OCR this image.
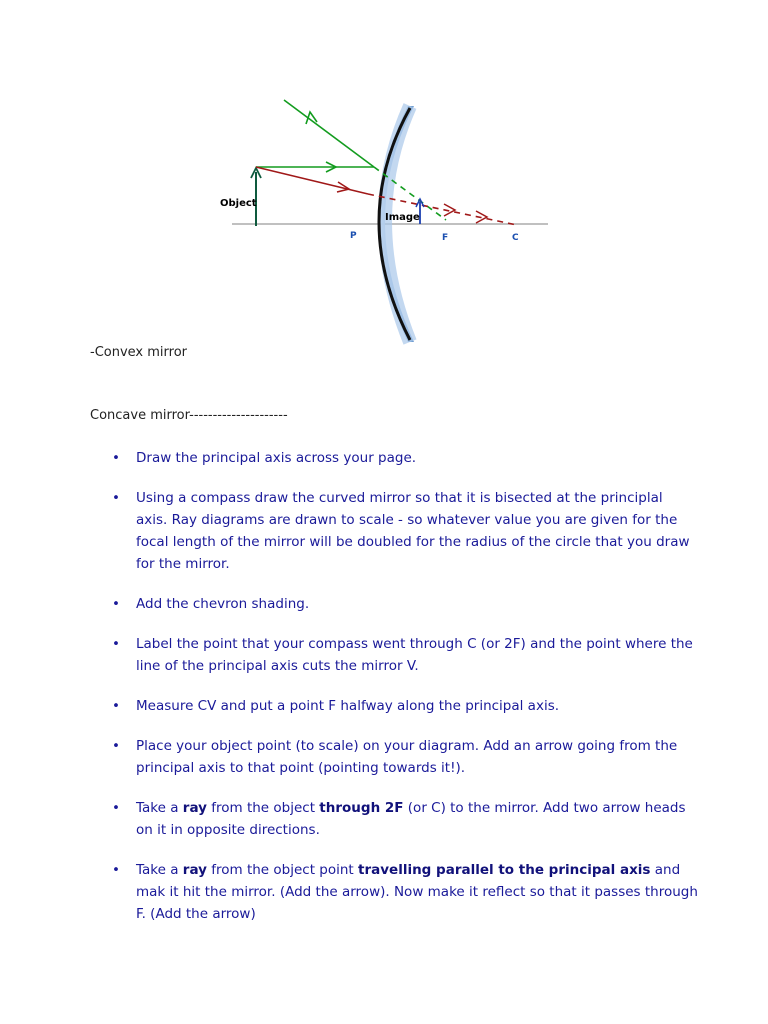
Object
Image
P	F	C
-Convex mirror
Concave mirror---------------------
• Draw the principal axis across your page.
• Using a compass draw the curved mirror so that it is bisected at the principlal axis. Ray diagrams are drawn to scale - so whatever value you are given for the focal length of the mirror will be doubled for the radius of the circle that you draw for the mirror.
• Add the chevron shading.
• Label the point that your compass went through C (or 2F) and the point where the line of the principal axis cuts the mirror V.
• Measure CV and put a point F halfway along the principal axis.
• Place your object point (to scale) on your diagram. Add an arrow going from the principal axis to that point (pointing towards it!).
• Take a ray from the object through 2F (or C) to the mirror. Add two arrow heads on it in opposite directions.
• Take a ray from the object point travelling parallel to the principal axis and mak it hit the mirror. (Add the arrow). Now make it reflect so that it passes through F. (Add the arrow)
